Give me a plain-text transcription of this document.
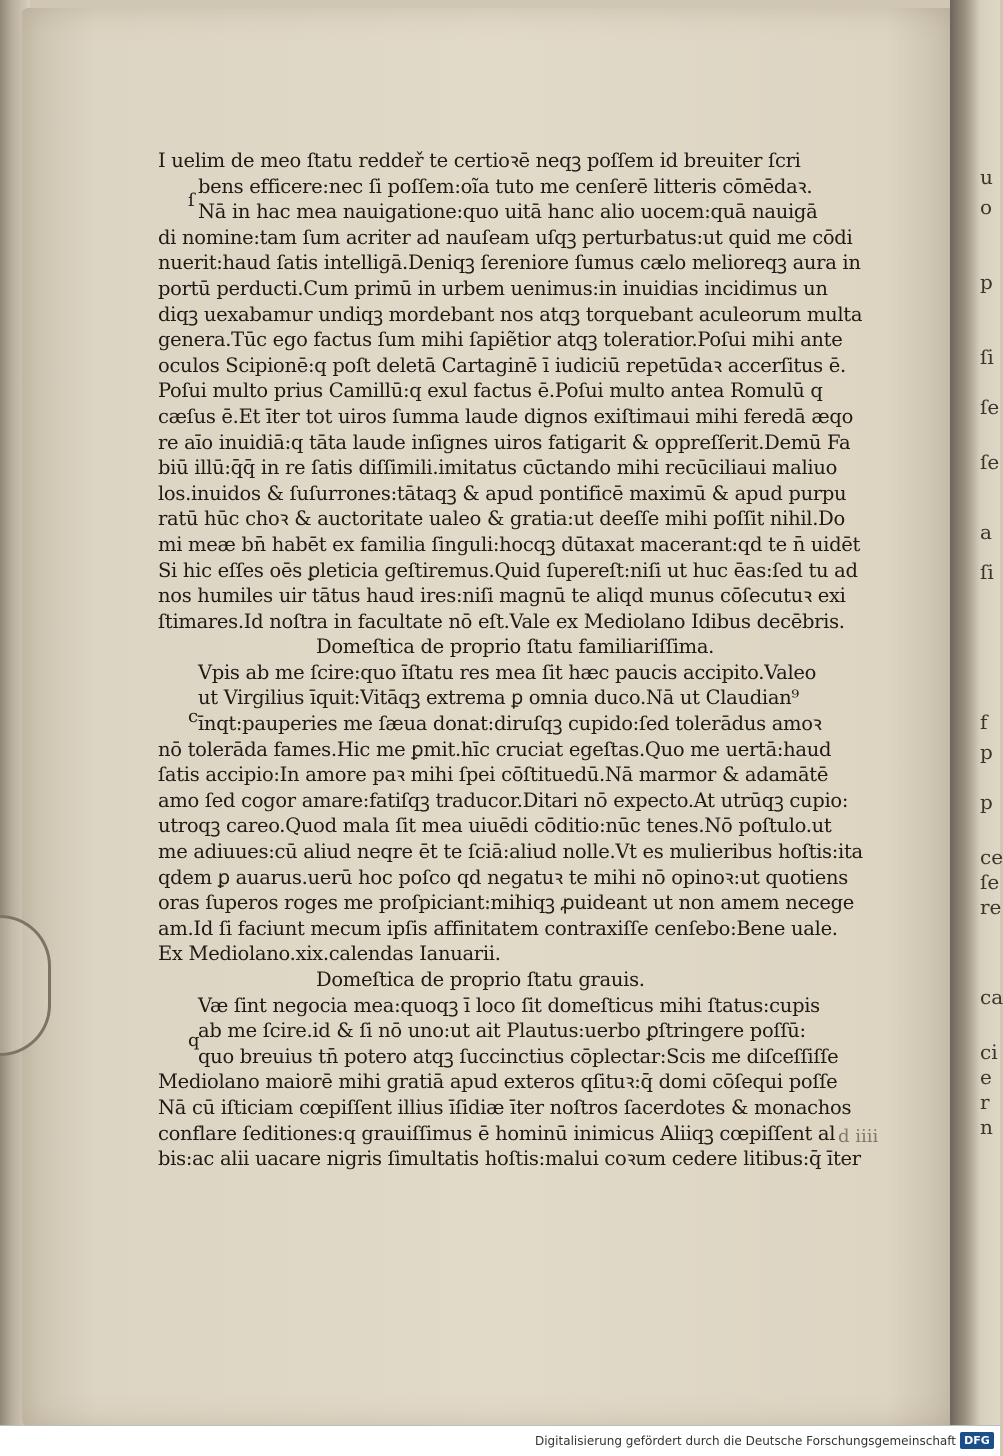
u
o
p
ſi
ſe
ſe
a
ſi
f
p
p
ce
ſe
re
ca
ci
e
r
n
ſ
c
q
I uelim de meo ſtatu reddeř te certioꝛē neqꝫ poſſem id breuiter ſcri
bens efficere:nec ſi poſſem:oĩa tuto me cenſerē litteris cōmēdaꝛ.
Nā in hac mea nauigatione:quo uitā hanc alio uocem:quā nauigā
di nomine:tam ſum acriter ad nauſeam uſqꝫ perturbatus:ut quid me cōdi
nuerit:haud ſatis intelligā.Deniqꝫ ſereniore ſumus cælo melioreqꝫ aura in
portū perducti.Cum primū in urbem uenimus:in inuidias incidimus un
diqꝫ uexabamur undiqꝫ mordebant nos atqꝫ torquebant aculeorum multa
genera.Tūc ego factus ſum mihi ſapiẽtior atqꝫ toleratior.Poſui mihi ante
oculos Scipionē:q poſt deletā Cartaginē ī iudiciū repetūdaꝛ accerſitus ē.
Poſui multo prius Camillū:q exul factus ē.Poſui multo antea Romulū q
cæſus ē.Et īter tot uiros ſumma laude dignos exiſtimaui mihi feredā æqo
re aīo inuidiā:q tāta laude inſignes uiros fatigarit & oppreſſerit.Demū Fa
biū illū:q̄q̄ in re ſatis diſſimili.imitatus cūctando mihi recūciliaui maliuo
los.inuidos & ſuſurrones:tātaqꝫ & apud pontificē maximū & apud purpu
ratū hūc choꝛ & auctoritate ualeo & gratia:ut deeſſe mihi poſſit nihil.Do
mi meæ bn̄ habēt ex familia ſinguli:hocqꝫ dūtaxat macerant:qd te n̄ uidēt
Si hic eſſes oēs ꝑleticia geſtiremus.Quid ſupereſt:niſi ut huc ēas:ſed tu ad
nos humiles uir tātus haud ires:niſi magnū te aliqd munus cōſecutuꝛ exi
ſtimares.Id noſtra in facultate nō eſt.Vale ex Mediolano Idibus decēbris.
Domeſtica de proprio ſtatu familiariſſima.
Vpis ab me ſcire:quo īſtatu res mea ſit hæc paucis accipito.Valeo
ut Virgilius īquit:Vitāqꝫ extrema ꝑ omnia duco.Nā ut Claudian⁹
īnqt:pauperies me ſæua donat:diruſqꝫ cupido:ſed tolerādus amoꝛ
nō tolerāda fames.Hic me ꝑmit.hīc cruciat egeſtas.Quo me uertā:haud
ſatis accipio:In amore paꝛ mihi ſpei cōſtituedū.Nā marmor & adamātē
amo ſed cogor amare:fatiſqꝫ traducor.Ditari nō expecto.At utrūqꝫ cupio:
utroqꝫ careo.Quod mala ſit mea uiuēdi cōditio:nūc tenes.Nō poſtulo.ut
me adiuues:cū aliud neqre ēt te ſciā:aliud nolle.Vt es mulieribus hoſtis:ita
qdem ꝑ auarus.uerū hoc poſco qd negatuꝛ te mihi nō opinoꝛ:ut quotiens
oras ſuperos roges me proſpiciant:mihiqꝫ ꝓuideant ut non amem necege
am.Id ſi faciunt mecum ipſis affinitatem contraxiſſe cenſebo:Bene uale.
Ex Mediolano.xix.calendas Ianuarii.
Domeſtica de proprio ſtatu grauis.
Væ ſint negocia mea:quoqꝫ ī loco ſit domeſticus mihi ſtatus:cupis
ab me ſcire.id & ſi nō uno:ut ait Plautus:uerbo ꝑſtringere poſſū:
quo breuius tn̄ potero atqꝫ ſuccinctius cōplectar:Scis me diſceſſiſſe
Mediolano maiorē mihi gratiā apud exteros qſituꝛ:q̄ domi cōſequi poſſe
Nā cū iſticiam cœpiſſent illius īſidiæ īter noſtros ſacerdotes & monachos
conflare ſeditiones:q grauiſſimus ē hominū inimicus Aliiqꝫ cœpiſſent al
bis:ac alii uacare nigris ſimultatis hoſtis:malui coꝛum cedere litibus:q̄ īter
d iiii
Digitalisierung gefördert durch die Deutsche Forschungsgemeinschaft DFG
